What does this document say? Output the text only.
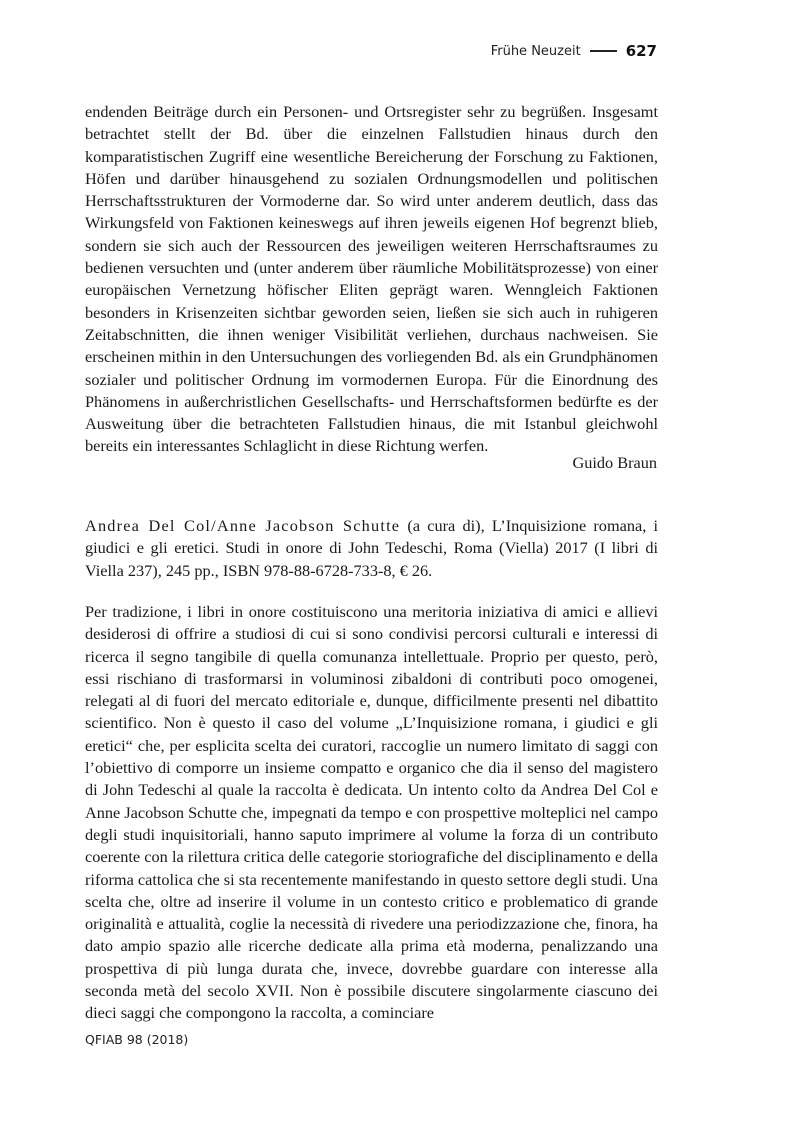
Frühe Neuzeit	627

endenden Beiträge durch ein Personen- und Ortsregister sehr zu begrüßen. Insgesamt betrachtet stellt der Bd. über die einzelnen Fallstudien hinaus durch den komparatistischen Zugriff eine wesentliche Bereicherung der Forschung zu Faktionen, Höfen und darüber hinausgehend zu sozialen Ordnungsmodellen und politischen Herrschaftsstrukturen der Vormoderne dar. So wird unter anderem deutlich, dass das Wirkungsfeld von Faktionen keineswegs auf ihren jeweils eigenen Hof begrenzt blieb, sondern sie sich auch der Ressourcen des jeweiligen weiteren Herrschaftsraumes zu bedienen versuchten und (unter anderem über räumliche Mobilitätsprozesse) von einer europäischen Vernetzung höfischer Eliten geprägt waren. Wenngleich Faktionen besonders in Krisenzeiten sichtbar geworden seien, ließen sie sich auch in ruhigeren Zeitabschnitten, die ihnen weniger Visibilität verliehen, durchaus nachweisen. Sie erscheinen mithin in den Untersuchungen des vorliegenden Bd. als ein Grundphänomen sozialer und politischer Ordnung im vormodernen Europa. Für die Einordnung des Phänomens in außerchristlichen Gesellschafts- und Herrschaftsformen bedürfte es der Ausweitung über die betrachteten Fallstudien hinaus, die mit Istanbul gleichwohl bereits ein interessantes Schlaglicht in diese Richtung werfen.

Guido Braun

Andrea Del Col/Anne Jacobson Schutte (a cura di), L’Inquisizione romana, i giudici e gli eretici. Studi in onore di John Tedeschi, Roma (Viella) 2017 (I libri di Viella 237), 245 pp., ISBN 978-88-6728-733-8, € 26.

Per tradizione, i libri in onore costituiscono una meritoria iniziativa di amici e allievi desiderosi di offrire a studiosi di cui si sono condivisi percorsi culturali e interessi di ricerca il segno tangibile di quella comunanza intellettuale. Proprio per questo, però, essi rischiano di trasformarsi in voluminosi zibaldoni di contributi poco omogenei, relegati al di fuori del mercato editoriale e, dunque, difficilmente presenti nel dibattito scientifico. Non è questo il caso del volume „L’Inquisizione romana, i giudici e gli eretici“ che, per esplicita scelta dei curatori, raccoglie un numero limitato di saggi con l’obiettivo di comporre un insieme compatto e organico che dia il senso del magistero di John Tedeschi al quale la raccolta è dedicata. Un intento colto da Andrea Del Col e Anne Jacobson Schutte che, impegnati da tempo e con prospettive molteplici nel campo degli studi inquisitoriali, hanno saputo imprimere al volume la forza di un contributo coerente con la rilettura critica delle categorie storiografiche del disciplinamento e della riforma cattolica che si sta recentemente manifestando in questo settore degli studi. Una scelta che, oltre ad inserire il volume in un contesto critico e problematico di grande originalità e attualità, coglie la necessità di rivedere una periodizzazione che, finora, ha dato ampio spazio alle ricerche dedicate alla prima età moderna, penalizzando una prospettiva di più lunga durata che, invece, dovrebbe guardare con interesse alla seconda metà del secolo XVII. Non è possibile discutere singolarmente ciascuno dei dieci saggi che compongono la raccolta, a cominciare

QFIAB 98 (2018)
